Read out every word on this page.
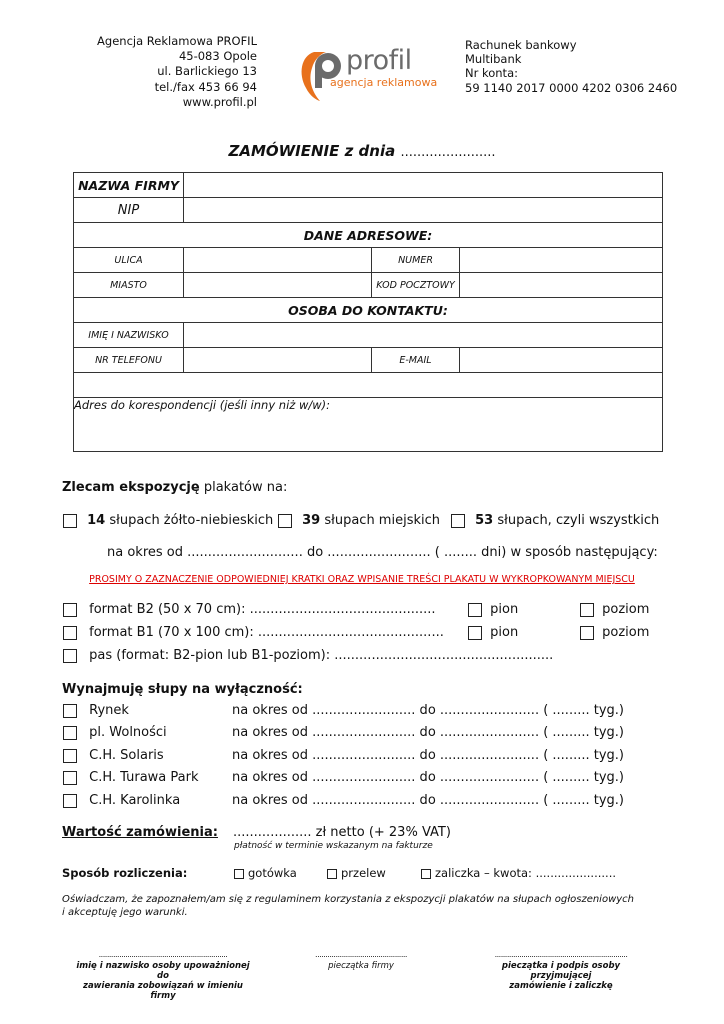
Agencja Reklamowa PROFIL
45-083 Opole
ul. Barlickiego 13
tel./fax 453 66 94
www.profil.pl
profil
agencja reklamowa
Rachunek bankowy
Multibank
Nr konta:
59 1140 2017 0000 4202 0306 2460
ZAMÓWIENIE z dnia .......................
NAZWA FIRMY			
NIP			
DANE ADRESOWE:			
ULICA		NUMER	
MIASTO		KOD POCZTOWY	
OSOBA DO KONTAKTU:			
IMIĘ I NAZWISKO			
NR TELEFONU		E-MAIL	

Adres do korespondencji (jeśli inny niż w/w):			
Zlecam ekspozycję plakatów na:
14 słupach żółto-niebieskich	39 słupach miejskich	53 słupach, czyli wszystkich
na okres od ............................ do ......................... ( ........ dni) w sposób następujący:
PROSIMY O ZAZNACZENIE ODPOWIEDNIEJ KRATKI ORAZ WPISANIE TREŚCI PLAKATU W WYKROPKOWANYM MIEJSCU
format B2 (50 x 70 cm): .............................................	pion	poziom
format B1 (70 x 100 cm): .............................................	pion	poziom
pas (format: B2-pion lub B1-poziom): .....................................................
Wynajmuję słupy na wyłączność:
Rynek	na okres od ......................... do ........................ ( ......... tyg.)
pl. Wolności	na okres od ......................... do ........................ ( ......... tyg.)
C.H. Solaris	na okres od ......................... do ........................ ( ......... tyg.)
C.H. Turawa Park	na okres od ......................... do ........................ ( ......... tyg.)
C.H. Karolinka	na okres od ......................... do ........................ ( ......... tyg.)
Wartość zamówienia: ................... zł netto (+ 23% VAT)
płatność w terminie wskazanym na fakturze
Sposób rozliczenia:	gotówka	przelew	zaliczka – kwota: ......................
Oświadczam, że zapoznałem/am się z regulaminem korzystania z ekspozycji plakatów na słupach ogłoszeniowych
i akceptuję jego warunki.
...............................................................
imię i nazwisko osoby upoważnionej do
zawierania zobowiązań w imieniu firmy
.............................................
pieczątka firmy
.................................................................
pieczątka i podpis osoby przyjmującej
zamówienie i zaliczkę
